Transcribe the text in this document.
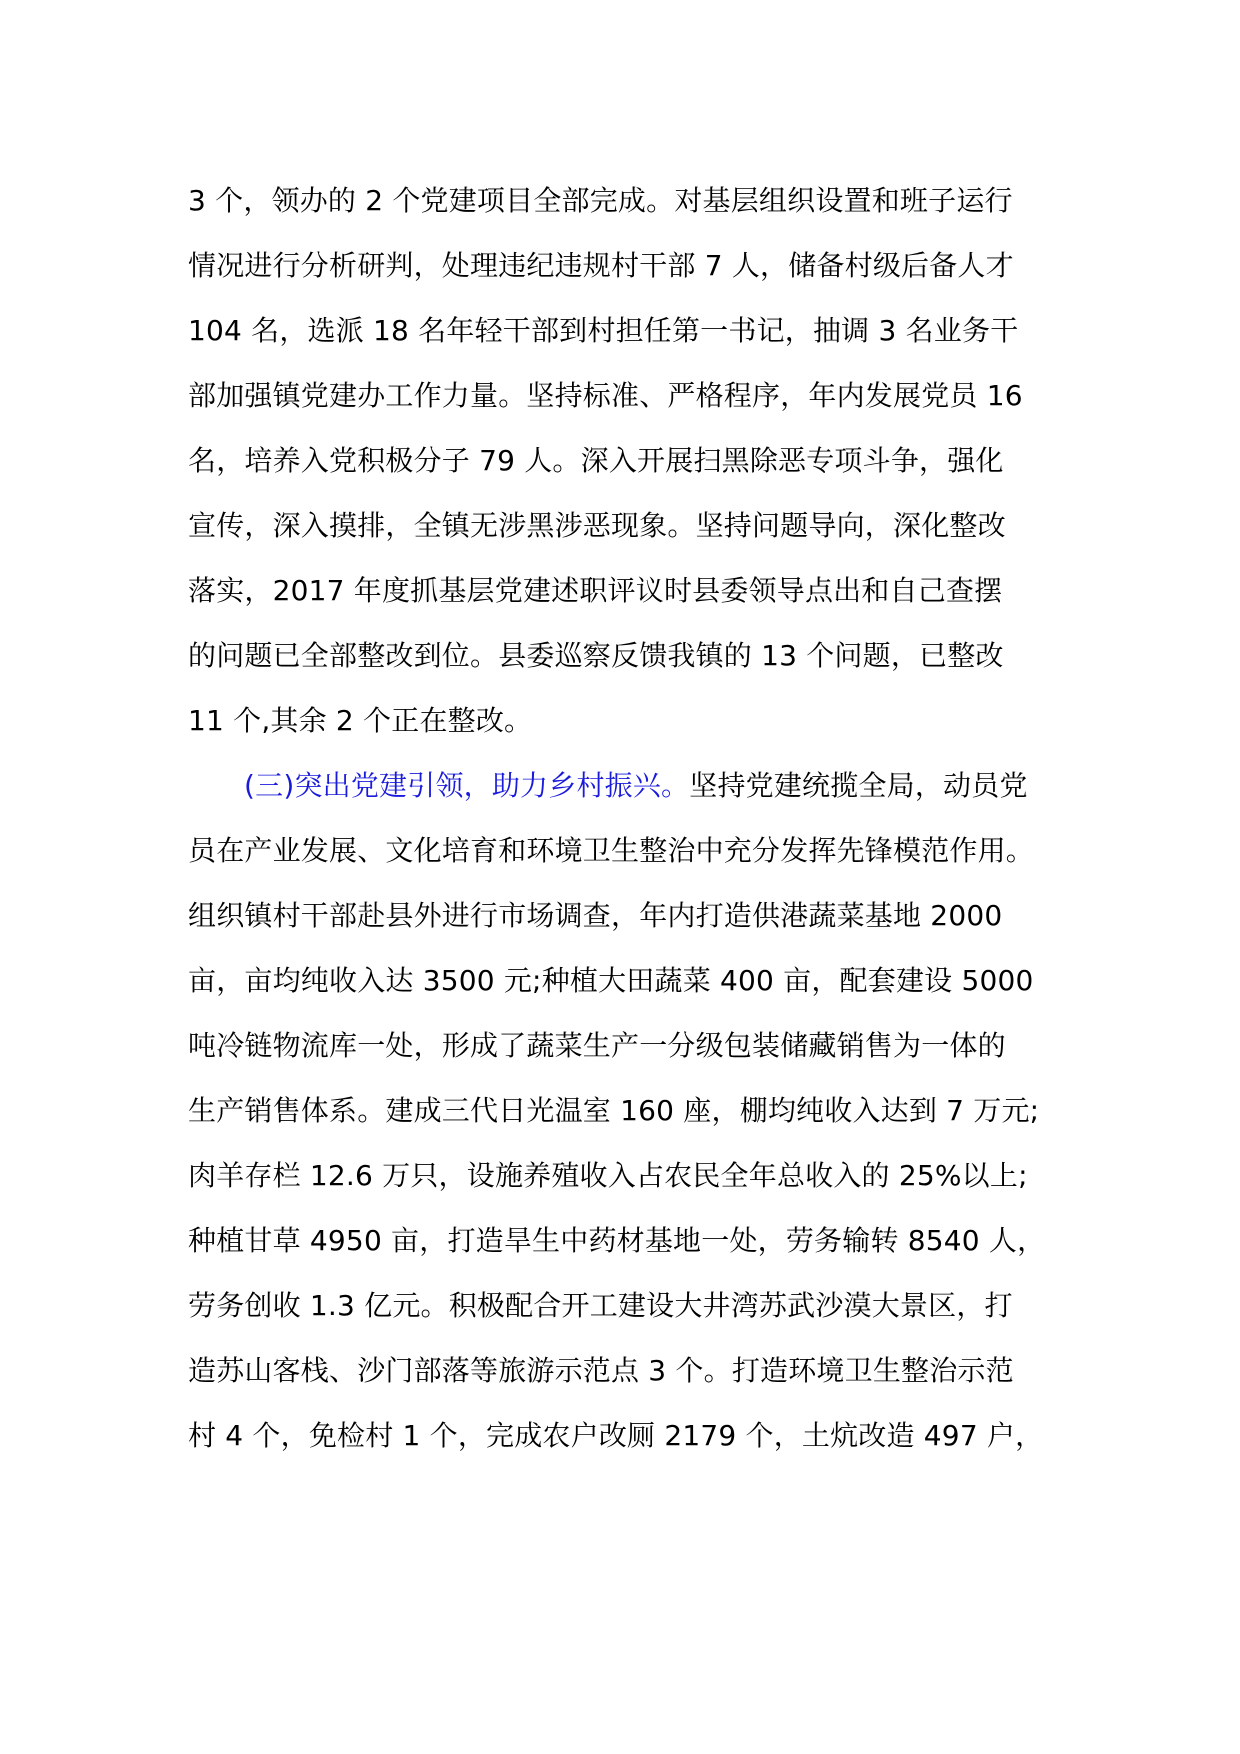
3 个，领办的 2 个党建项目全部完成。对基层组织设置和班子运行
情况进行分析研判，处理违纪违规村干部 7 人，储备村级后备人才
104 名，选派 18 名年轻干部到村担任第一书记，抽调 3 名业务干
部加强镇党建办工作力量。坚持标准、严格程序，年内发展党员 16
名，培养入党积极分子 79 人。深入开展扫黑除恶专项斗争，强化
宣传，深入摸排，全镇无涉黑涉恶现象。坚持问题导向，深化整改
落实，2017 年度抓基层党建述职评议时县委领导点出和自己查摆
的问题已全部整改到位。县委巡察反馈我镇的 13 个问题，已整改
11 个,其余 2 个正在整改。
(三)突出党建引领，助力乡村振兴。坚持党建统揽全局，动员党
员在产业发展、文化培育和环境卫生整治中充分发挥先锋模范作用。
组织镇村干部赴县外进行市场调查，年内打造供港蔬菜基地 2000
亩，亩均纯收入达 3500 元;种植大田蔬菜 400 亩，配套建设 5000
吨冷链物流库一处，形成了蔬菜生产一分级包装储藏销售为一体的
生产销售体系。建成三代日光温室 160 座，棚均纯收入达到 7 万元;
肉羊存栏 12.6 万只，设施养殖收入占农民全年总收入的 25%以上;
种植甘草 4950 亩，打造旱生中药材基地一处，劳务输转 8540 人，
劳务创收 1.3 亿元。积极配合开工建设大井湾苏武沙漠大景区，打
造苏山客栈、沙门部落等旅游示范点 3 个。打造环境卫生整治示范
村 4 个，免检村 1 个，完成农户改厕 2179 个，土炕改造 497 户，
